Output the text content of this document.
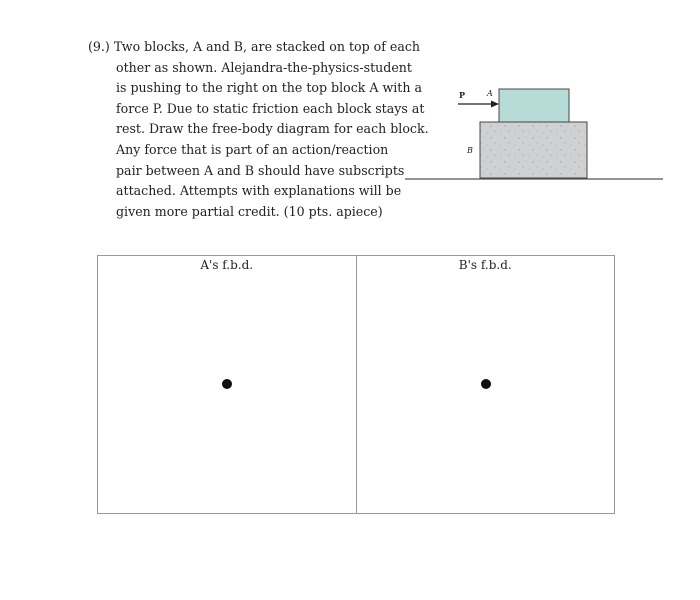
(9.) Two blocks, A and B, are stacked on top of each
other as shown. Alejandra-the-physics-student
is pushing to the right on the top block A with a
force P. Due to static friction each block stays at
rest. Draw the free-body diagram for each block.
Any force that is part of an action/reaction
pair between A and B should have subscripts
attached. Attempts with explanations will be
given more partial credit. (10 pts. apiece)
P	A
B
A's f.b.d.	B's f.b.d.
